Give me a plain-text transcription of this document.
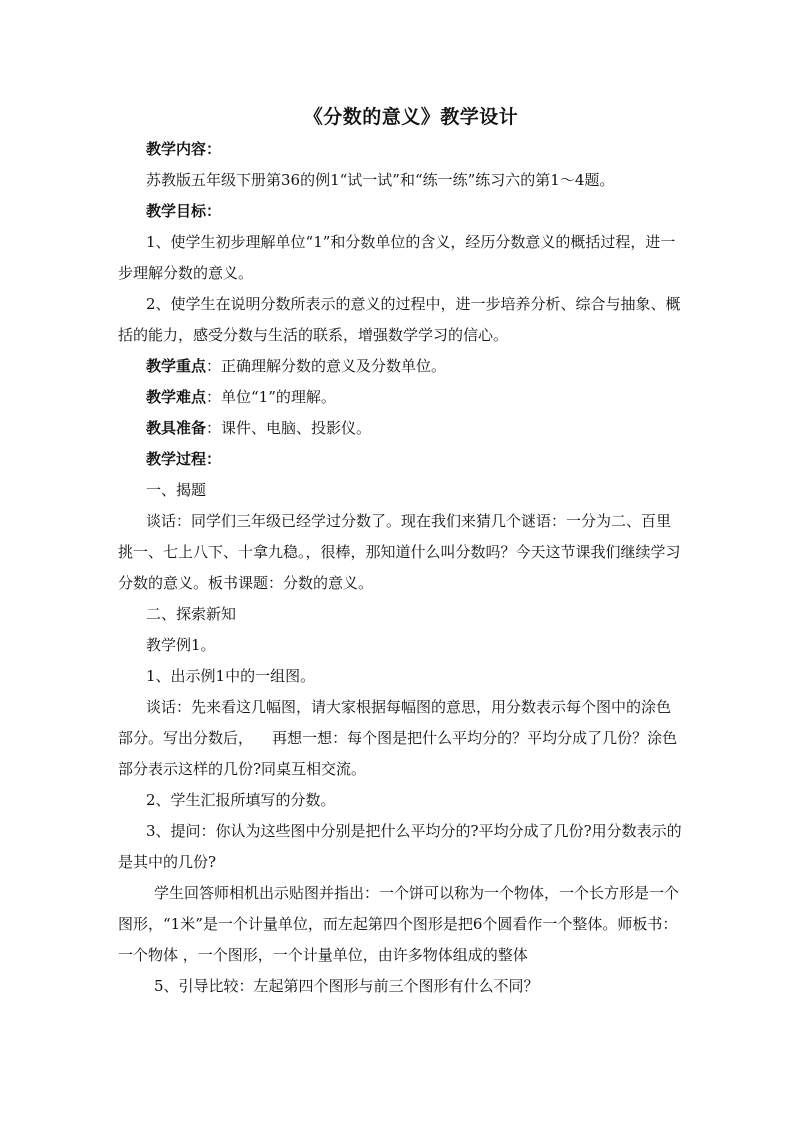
《分数的意义》教学设计

教学内容：

苏教版五年级下册第36的例1“试一试”和“练一练”练习六的第1～4题。

教学目标：

1、使学生初步理解单位“1”和分数单位的含义，经历分数意义的概括过程，进一步理解分数的意义。

2、使学生在说明分数所表示的意义的过程中，进一步培养分析、综合与抽象、概括的能力，感受分数与生活的联系，增强数学学习的信心。

教学重点：正确理解分数的意义及分数单位。

教学难点：单位“1”的理解。

教具准备：课件、电脑、投影仪。

教学过程：

一、揭题

谈话：同学们三年级已经学过分数了。现在我们来猜几个谜语：一分为二、百里挑一、七上八下、十拿九稳。，很棒，那知道什么叫分数吗？今天这节课我们继续学习分数的意义。板书课题：分数的意义。

二、探索新知

教学例1。

1、出示例1中的一组图。

谈话：先来看这几幅图，请大家根据每幅图的意思，用分数表示每个图中的涂色部分。写出分数后，    再想一想：每个图是把什么平均分的？平均分成了几份？涂色部分表示这样的几份?同桌互相交流。

2、学生汇报所填写的分数。

3、提问：你认为这些图中分别是把什么平均分的?平均分成了几份?用分数表示的是其中的几份?

学生回答师相机出示贴图并指出：一个饼可以称为一个物体，一个长方形是一个图形，“1米”是一个计量单位，而左起第四个图形是把6个圆看作一个整体。师板书：一个物体 ，一个图形，一个计量单位，由许多物体组成的整体

5、引导比较：左起第四个图形与前三个图形有什么不同？
